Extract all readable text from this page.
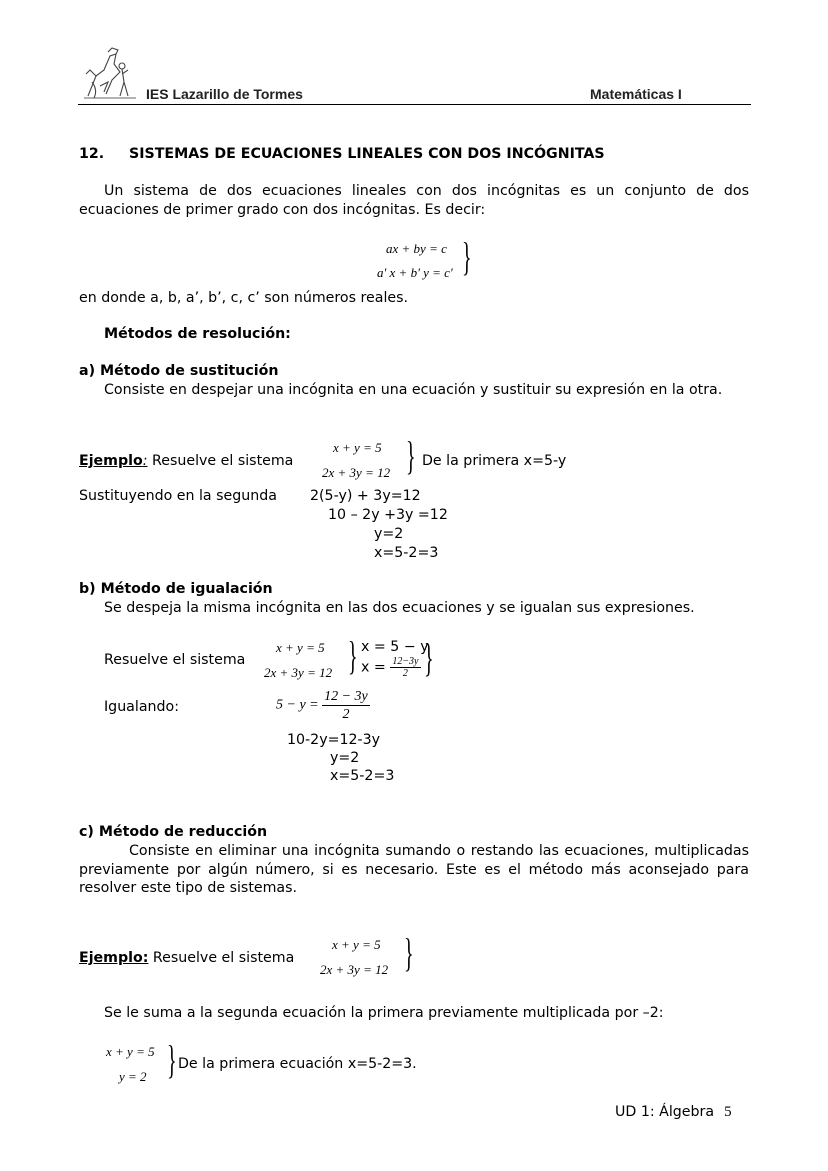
IES Lazarillo de Tormes	Matemáticas I
12. SISTEMAS DE ECUACIONES LINEALES CON DOS INCÓGNITAS
Un sistema de dos ecuaciones lineales con dos incógnitas es un conjunto de dos ecuaciones de primer grado con dos incógnitas. Es decir:
ax + by = c
a' x + b' y = c' }
en donde a, b, a’, b’, c, c’ son números reales.
Métodos de resolución:
a) Método de sustitución
Consiste en despejar una incógnita en una ecuación y sustituir su expresión en la otra.
Ejemplo: Resuelve el sistema
x + y = 5
2x + 3y = 12 } De la primera x=5-y
Sustituyendo en la segunda 2(5-y) + 3y=12
10 – 2y +3y =12
y=2
x=5-2=3
b) Método de igualación
Se despeja la misma incógnita en las dos ecuaciones y se igualan sus expresiones.
Resuelve el sistema
x + y = 5
2x + 3y = 12 } x = 5 − y
$x = \frac{12-3y}{2}$ }
Igualando:	$5 - y = \frac{12 - 3y}{2}$
10-2y=12-3y
y=2
x=5-2=3
c) Método de reducción
Consiste en eliminar una incógnita sumando o restando las ecuaciones, multiplicadas previamente por algún número, si es necesario. Este es el método más aconsejado para resolver este tipo de sistemas.
Ejemplo: Resuelve el sistema
x + y = 5
2x + 3y = 12 }
Se le suma a la segunda ecuación la primera previamente multiplicada por –2:
x + y = 5
y = 2 } De la primera ecuación x=5-2=3.
UD 1: Álgebra 5
